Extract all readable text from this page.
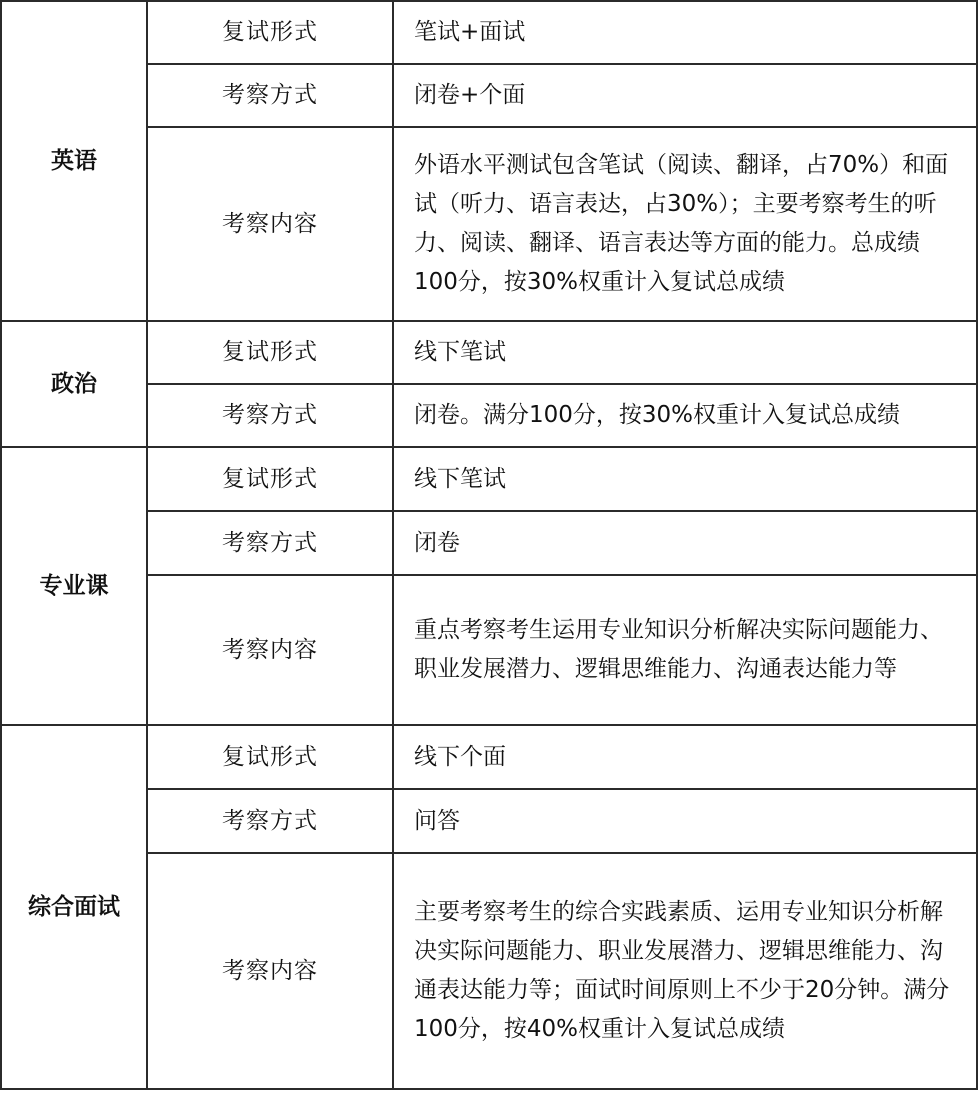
英语	复试形式	笔试+面试
	考察方式	闭卷+个面
	考察内容	外语水平测试包含笔试（阅读、翻译，占70%）和面试（听力、语言表达，占30%）；主要考察考生的听力、阅读、翻译、语言表达等方面的能力。总成绩100分，按30%权重计入复试总成绩
政治	复试形式	线下笔试
	考察方式	闭卷。满分100分，按30%权重计入复试总成绩
专业课	复试形式	线下笔试
	考察方式	闭卷
	考察内容	重点考察考生运用专业知识分析解决实际问题能力、职业发展潜力、逻辑思维能力、沟通表达能力等
综合面试	复试形式	线下个面
	考察方式	问答
	考察内容	主要考察考生的综合实践素质、运用专业知识分析解决实际问题能力、职业发展潜力、逻辑思维能力、沟通表达能力等；面试时间原则上不少于20分钟。满分100分，按40%权重计入复试总成绩
